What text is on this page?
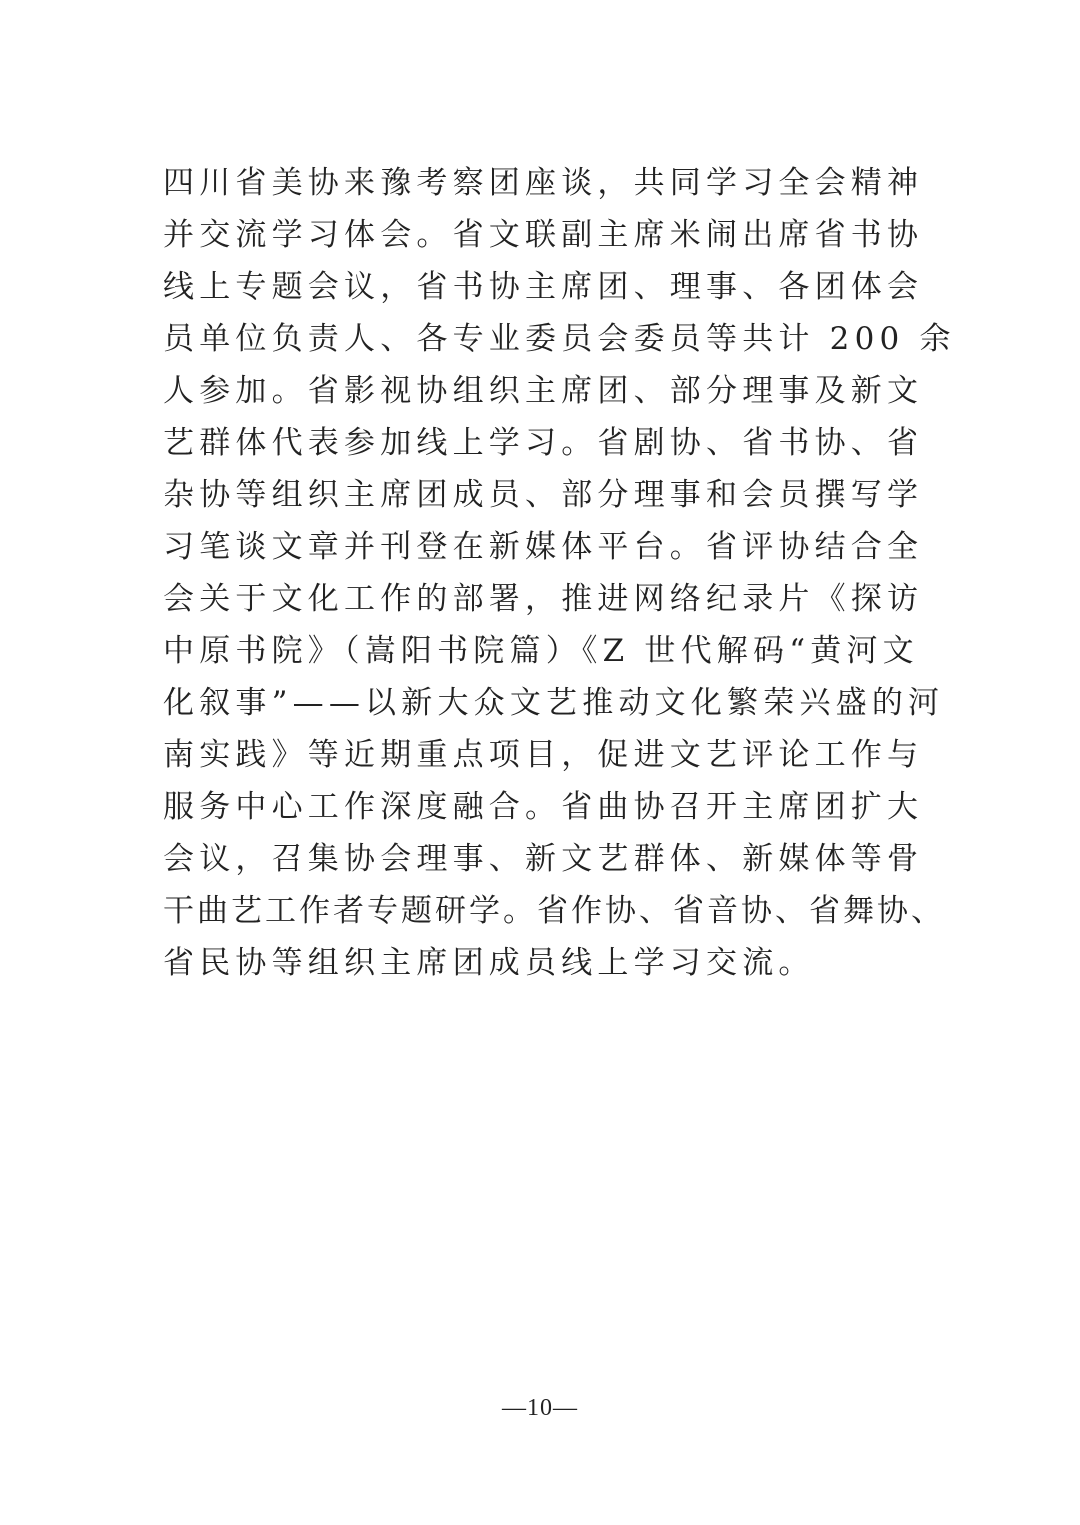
四川省美协来豫考察团座谈，共同学习全会精神
并交流学习体会。省文联副主席米闹出席省书协
线上专题会议，省书协主席团、理事、各团体会
员单位负责人、各专业委员会委员等共计 200 余
人参加。省影视协组织主席团、部分理事及新文
艺群体代表参加线上学习。省剧协、省书协、省
杂协等组织主席团成员、部分理事和会员撰写学
习笔谈文章并刊登在新媒体平台。省评协结合全
会关于文化工作的部署，推进网络纪录片《探访
中原书院》（嵩阳书院篇）《Z 世代解码“黄河文
化叙事”——以新大众文艺推动文化繁荣兴盛的河
南实践》等近期重点项目，促进文艺评论工作与
服务中心工作深度融合。省曲协召开主席团扩大
会议，召集协会理事、新文艺群体、新媒体等骨
干曲艺工作者专题研学。省作协、省音协、省舞协、
省民协等组织主席团成员线上学习交流。
—10—
